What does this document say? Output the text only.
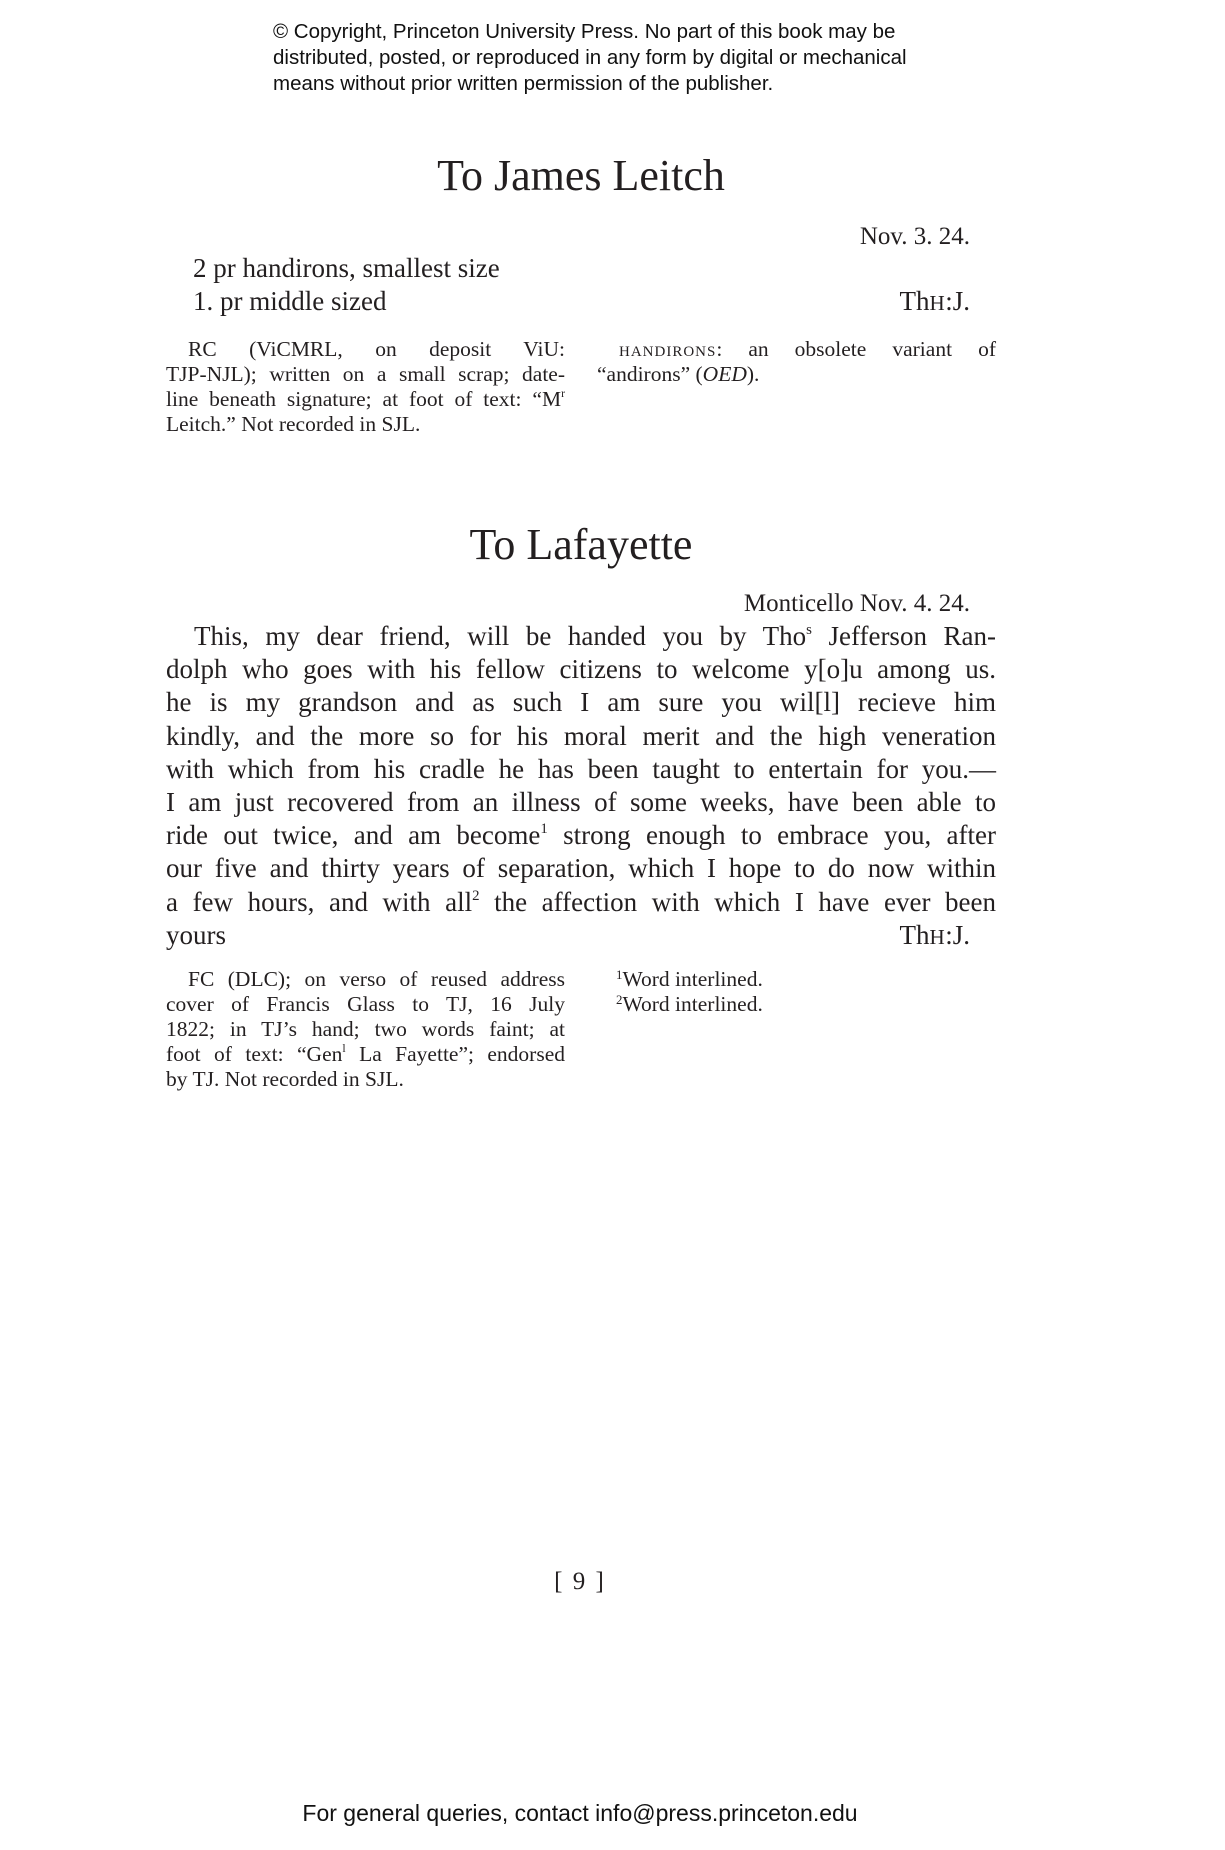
© Copyright, Princeton University Press. No part of this book may be
distributed, posted, or reproduced in any form by digital or mechanical
means without prior written permission of the publisher.
To James Leitch
Nov. 3. 24.
2 pr handirons, smallest size
1. pr middle sized	ThH:J.
RC (ViCMRL, on deposit ViU:
TJP-NJL); written on a small scrap; date-
line beneath signature; at foot of text: “$M^r$
Leitch.” Not recorded in SJL.
handirons: an obsolete variant of
“andirons” (OED).
To Lafayette
Monticello Nov. 4. 24.
This, my dear friend, will be handed you by Tho$^s$ Jefferson Ran-
dolph who goes with his fellow citizens to welcome y[o]u among us.
he is my grandson and as such I am sure you wil[l] recieve him
kindly, and the more so for his moral merit and the high veneration
with which from his cradle he has been taught to entertain for you.—
I am just recovered from an illness of some weeks, have been able to
ride out twice, and am become$^1$ strong enough to embrace you, after
our five and thirty years of separation, which I hope to do now within
a few hours, and with all$^2$ the affection with which I have ever been
yours	ThH:J.
FC (DLC); on verso of reused address
cover of Francis Glass to TJ, 16 July
1822; in TJ’s hand; two words faint; at
foot of text: “Gen$^l$ La Fayette”; endorsed
by TJ. Not recorded in SJL.
$^1$Word interlined.
$^2$Word interlined.
[ 9 ]
For general queries, contact info@press.princeton.edu
